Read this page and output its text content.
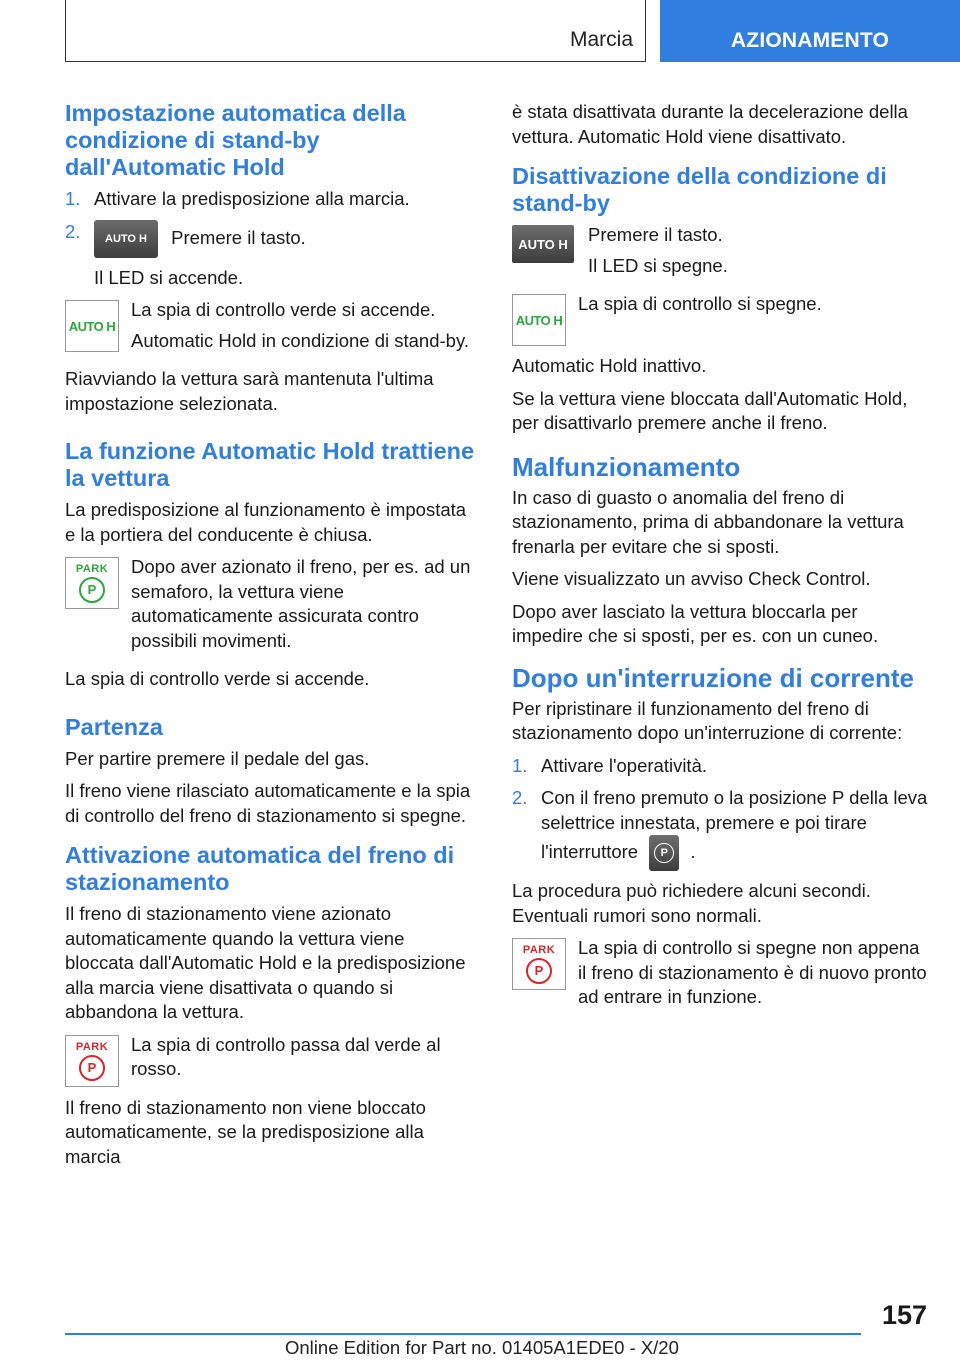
Marcia	AZIONAMENTO
Impostazione automatica della condizione di stand-by dall'Automatic Hold
1. Attivare la predisposizione alla marcia.
2. AUTO H Premere il tasto.

Il LED si accende.

AUTO H

La spia di controllo verde si accende.

Automatic Hold in condizione di stand-by.

Riavviando la vettura sarà mantenuta l'ultima impostazione selezionata.

La funzione Automatic Hold trattiene la vettura

La predisposizione al funzionamento è impostata e la portiera del conducente è chiusa.

PARK
P

Dopo aver azionato il freno, per es. ad un semaforo, la vettura viene automaticamente assicurata contro possibili movimenti.

La spia di controllo verde si accende.

Partenza

Per partire premere il pedale del gas.

Il freno viene rilasciato automaticamente e la spia di controllo del freno di stazionamento si spegne.

Attivazione automatica del freno di stazionamento

Il freno di stazionamento viene azionato automaticamente quando la vettura viene bloccata dall'Automatic Hold e la predisposizione alla marcia viene disattivata o quando si abbandona la vettura.

PARK
P

La spia di controllo passa dal verde al rosso.

Il freno di stazionamento non viene bloccato automaticamente, se la predisposizione alla marcia

è stata disattivata durante la decelerazione della vettura. Automatic Hold viene disattivato.

Disattivazione della condizione di stand-by
AUTO H	Premere il tasto.

Il LED si spegne.

AUTO H

La spia di controllo si spegne.

Automatic Hold inattivo.

Se la vettura viene bloccata dall'Automatic Hold, per disattivarlo premere anche il freno.

Malfunzionamento

In caso di guasto o anomalia del freno di stazionamento, prima di abbandonare la vettura frenarla per evitare che si sposti.

Viene visualizzato un avviso Check Control.

Dopo aver lasciato la vettura bloccarla per impedire che si sposti, per es. con un cuneo.

Dopo un'interruzione di corrente

Per ripristinare il funzionamento del freno di stazionamento dopo un'interruzione di corrente:

1. Attivare l'operatività.
2. Con il freno premuto o la posizione P della leva selettrice innestata, premere e poi tirare
l'interruttore	P	.

La procedura può richiedere alcuni secondi.

Eventuali rumori sono normali.

PARK
P

La spia di controllo si spegne non appena il freno di stazionamento è di nuovo pronto ad entrare in funzione.

157
Online Edition for Part no. 01405A1EDE0 - X/20
